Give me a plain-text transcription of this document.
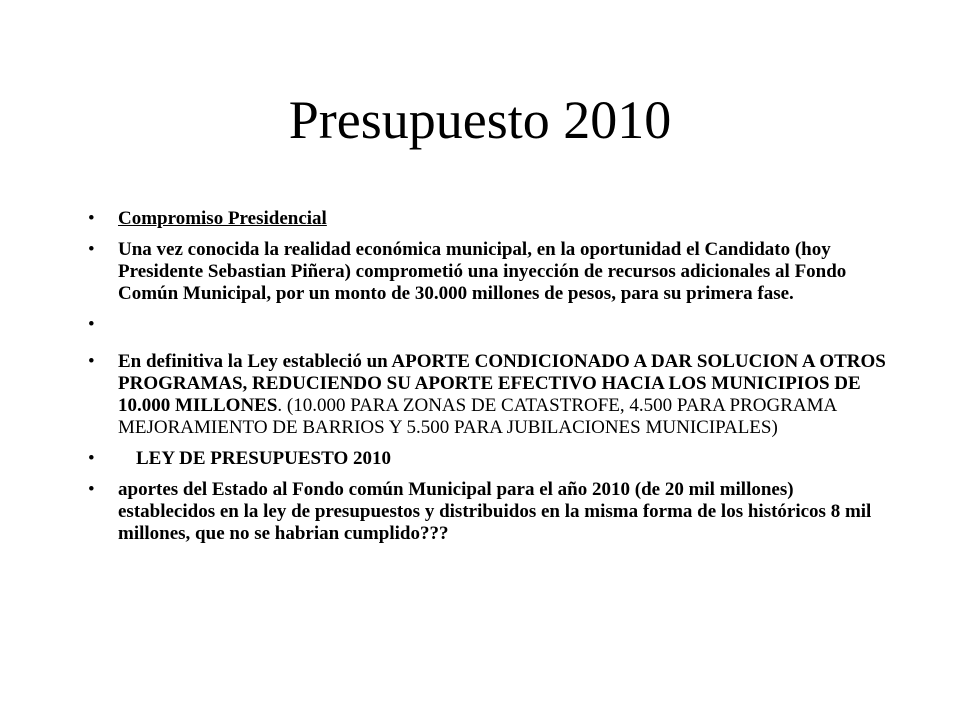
Presupuesto 2010
• Compromiso Presidencial
• Una vez conocida la realidad económica municipal, en la oportunidad el Candidato (hoy Presidente Sebastian Piñera) comprometió una inyección de recursos adicionales al Fondo Común Municipal, por un monto de 30.000 millones de pesos, para su primera fase.
•
• En definitiva la Ley estableció un APORTE CONDICIONADO A DAR SOLUCION A OTROS PROGRAMAS, REDUCIENDO SU APORTE EFECTIVO HACIA LOS MUNICIPIOS DE 10.000 MILLONES. (10.000 PARA ZONAS DE CATASTROFE, 4.500 PARA PROGRAMA MEJORAMIENTO DE BARRIOS Y 5.500 PARA JUBILACIONES MUNICIPALES)
• LEY DE PRESUPUESTO 2010
• aportes del Estado al Fondo común Municipal para el año 2010 (de 20 mil millones) establecidos en la ley de presupuestos y distribuidos en la misma forma de los históricos 8 mil millones, que no se habrian cumplido???
